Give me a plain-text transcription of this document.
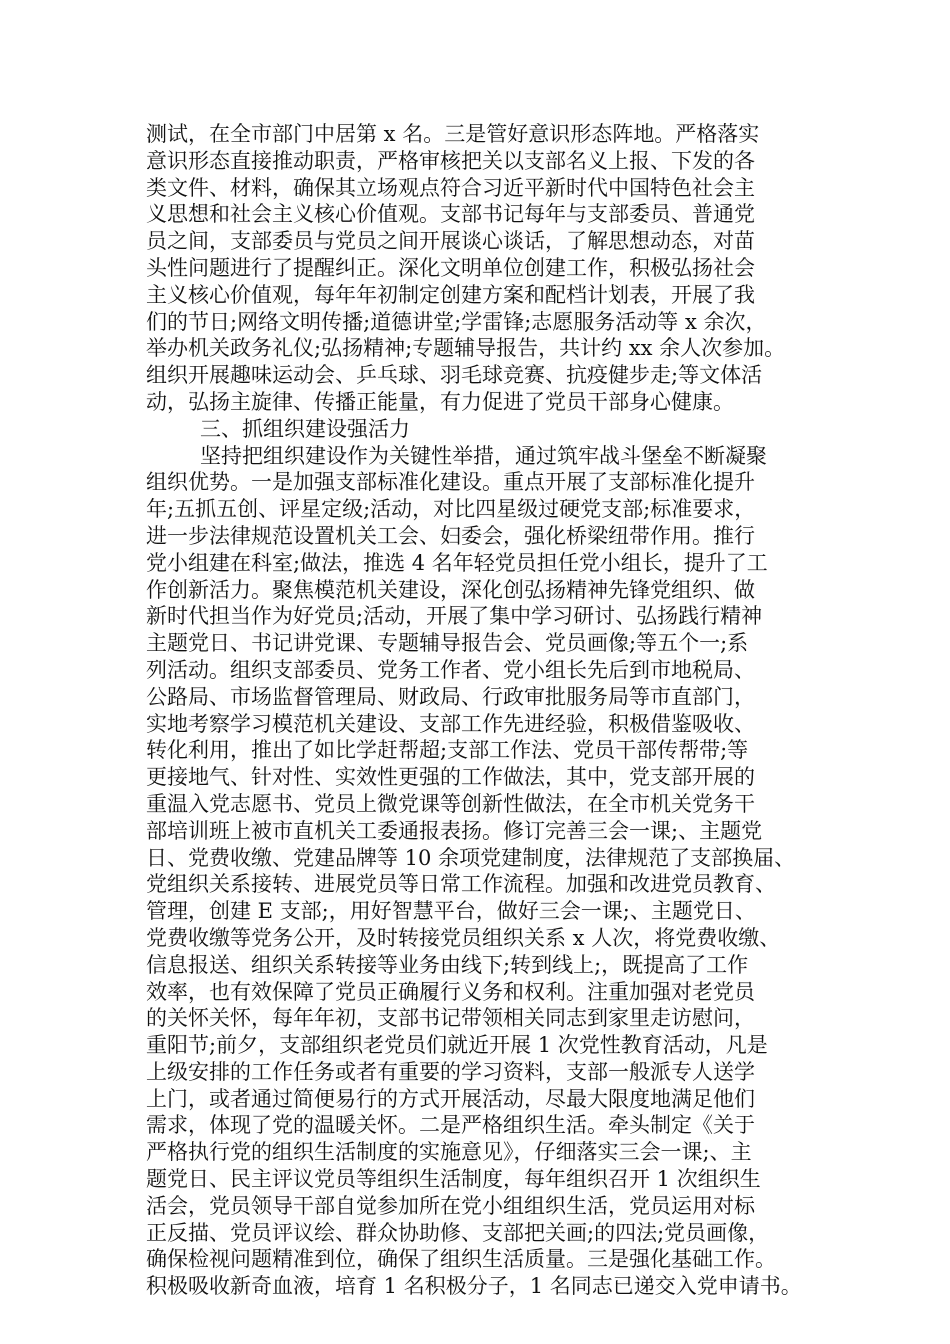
测试，在全市部门中居第 x 名。三是管好意识形态阵地。严格落实
意识形态直接推动职责，严格审核把关以支部名义上报、下发的各
类文件、材料，确保其立场观点符合习近平新时代中国特色社会主
义思想和社会主义核心价值观。支部书记每年与支部委员、普通党
员之间，支部委员与党员之间开展谈心谈话，了解思想动态，对苗
头性问题进行了提醒纠正。深化文明单位创建工作，积极弘扬社会
主义核心价值观，每年年初制定创建方案和配档计划表，开展了我
们的节日;网络文明传播;道德讲堂;学雷锋;志愿服务活动等 x 余次，
举办机关政务礼仪;弘扬精神;专题辅导报告，共计约 xx 余人次参加。
组织开展趣味运动会、乒乓球、羽毛球竞赛、抗疫健步走;等文体活
动，弘扬主旋律、传播正能量，有力促进了党员干部身心健康。
三、抓组织建设强活力
坚持把组织建设作为关键性举措，通过筑牢战斗堡垒不断凝聚
组织优势。一是加强支部标准化建设。重点开展了支部标准化提升
年;五抓五创、评星定级;活动，对比四星级过硬党支部;标准要求，
进一步法律规范设置机关工会、妇委会，强化桥梁纽带作用。推行
党小组建在科室;做法，推选 4 名年轻党员担任党小组长，提升了工
作创新活力。聚焦模范机关建设，深化创弘扬精神先锋党组织、做
新时代担当作为好党员;活动，开展了集中学习研讨、弘扬践行精神
主题党日、书记讲党课、专题辅导报告会、党员画像;等五个一;系
列活动。组织支部委员、党务工作者、党小组长先后到市地税局、
公路局、市场监督管理局、财政局、行政审批服务局等市直部门，
实地考察学习模范机关建设、支部工作先进经验，积极借鉴吸收、
转化利用，推出了如比学赶帮超;支部工作法、党员干部传帮带;等
更接地气、针对性、实效性更强的工作做法，其中，党支部开展的
重温入党志愿书、党员上微党课等创新性做法，在全市机关党务干
部培训班上被市直机关工委通报表扬。修订完善三会一课;、主题党
日、党费收缴、党建品牌等 10 余项党建制度，法律规范了支部换届、
党组织关系接转、进展党员等日常工作流程。加强和改进党员教育、
管理，创建 E 支部;，用好智慧平台，做好三会一课;、主题党日、
党费收缴等党务公开，及时转接党员组织关系 x 人次，将党费收缴、
信息报送、组织关系转接等业务由线下;转到线上;，既提高了工作
效率，也有效保障了党员正确履行义务和权利。注重加强对老党员
的关怀关怀，每年年初，支部书记带领相关同志到家里走访慰问，
重阳节;前夕，支部组织老党员们就近开展 1 次党性教育活动，凡是
上级安排的工作任务或者有重要的学习资料，支部一般派专人送学
上门，或者通过简便易行的方式开展活动，尽最大限度地满足他们
需求，体现了党的温暖关怀。二是严格组织生活。牵头制定《关于
严格执行党的组织生活制度的实施意见》，仔细落实三会一课;、主
题党日、民主评议党员等组织生活制度，每年组织召开 1 次组织生
活会，党员领导干部自觉参加所在党小组组织生活，党员运用对标
正反描、党员评议绘、群众协助修、支部把关画;的四法;党员画像，
确保检视问题精准到位，确保了组织生活质量。三是强化基础工作。
积极吸收新奇血液，培育 1 名积极分子，1 名同志已递交入党申请书。
